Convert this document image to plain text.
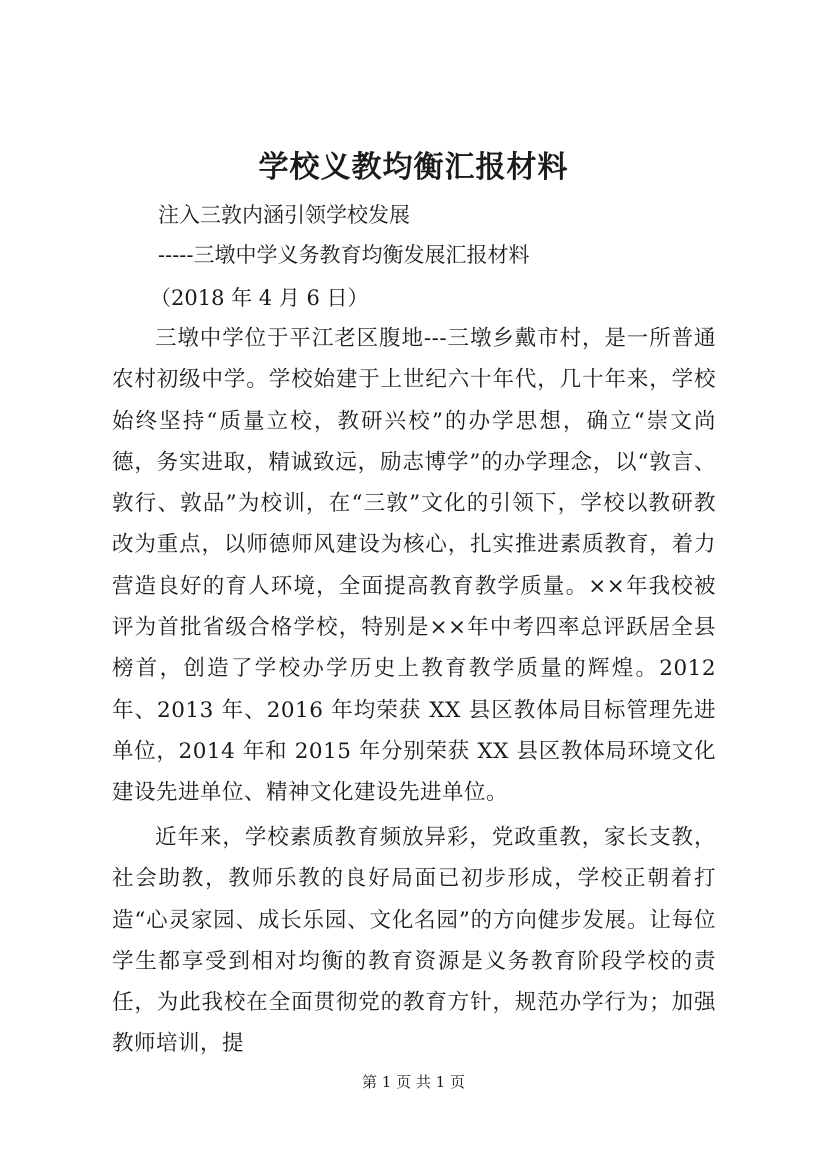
学校义教均衡汇报材料

注入三敦内涵引领学校发展

-----三墩中学义务教育均衡发展汇报材料

（2018 年 4 月 6 日）

三墩中学位于平江老区腹地---三墩乡戴市村，是一所普通农村初级中学。学校始建于上世纪六十年代，几十年来，学校始终坚持“质量立校，教研兴校”的办学思想，确立“崇文尚德，务实进取，精诚致远，励志博学”的办学理念，以“敦言、敦行、敦品”为校训，在“三敦”文化的引领下，学校以教研教改为重点，以师德师风建设为核心，扎实推进素质教育，着力营造良好的育人环境，全面提高教育教学质量。××年我校被评为首批省级合格学校，特别是××年中考四率总评跃居全县榜首，创造了学校办学历史上教育教学质量的辉煌。2012 年、2013 年、2016 年均荣获 XX 县区教体局目标管理先进单位，2014 年和 2015 年分别荣获 XX 县区教体局环境文化建设先进单位、精神文化建设先进单位。

近年来，学校素质教育频放异彩，党政重教，家长支教，社会助教，教师乐教的良好局面已初步形成，学校正朝着打造“心灵家园、成长乐园、文化名园”的方向健步发展。让每位学生都享受到相对均衡的教育资源是义务教育阶段学校的责任，为此我校在全面贯彻党的教育方针，规范办学行为；加强教师培训，提

第 1 页 共 1 页
